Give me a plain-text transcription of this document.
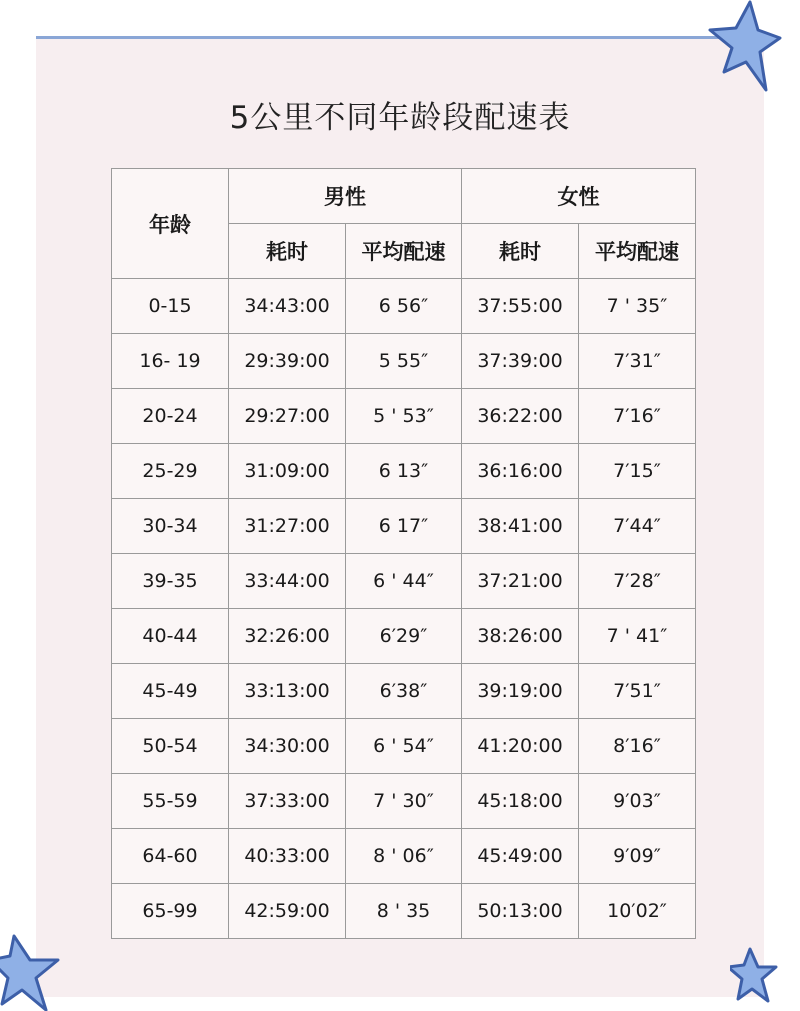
5公里不同年龄段配速表
年龄	男性		女性	
	耗时	平均配速	耗时	平均配速
0-15	34:43:00	6 56″	37:55:00	7 ' 35″
16- 19	29:39:00	5 55″	37:39:00	7′31″
20-24	29:27:00	5 ' 53″	36:22:00	7′16″
25-29	31:09:00	6 13″	36:16:00	7′15″
30-34	31:27:00	6 17″	38:41:00	7′44″
39-35	33:44:00	6 ' 44″	37:21:00	7′28″
40-44	32:26:00	6′29″	38:26:00	7 ' 41″
45-49	33:13:00	6′38″	39:19:00	7′51″
50-54	34:30:00	6 ' 54″	41:20:00	8′16″
55-59	37:33:00	7 ' 30″	45:18:00	9′03″
64-60	40:33:00	8 ' 06″	45:49:00	9′09″
65-99	42:59:00	8 ' 35	50:13:00	10′02″
